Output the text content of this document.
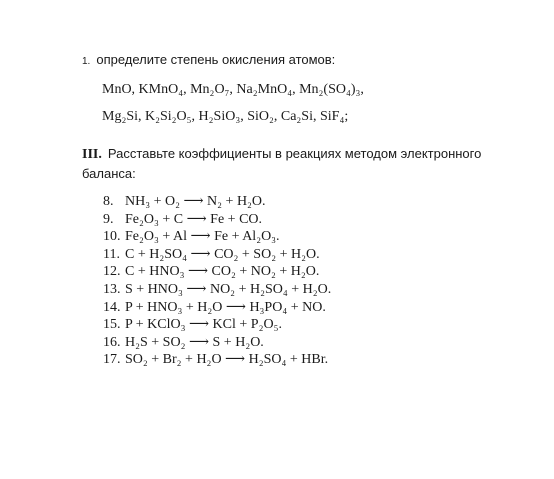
1. определите степень окисления атомов:
MnO, KMnO₄, Mn₂O₇, Na₂MnO₄, Mn₂(SO₄)₃,
Mg₂Si, K₂Si₂O₅, H₂SiO₃, SiO₂, Ca₂Si, SiF₄;
III. Расставьте коэффициенты в реакциях методом электронного баланса:
8. NH₃ + O₂ ⟶ N₂ + H₂O.
9. Fe₂O₃ + C ⟶ Fe + CO.
10. Fe₂O₃ + Al ⟶ Fe + Al₂O₃.
11. C + H₂SO₄ ⟶ CO₂ + SO₂ + H₂O.
12. C + HNO₃ ⟶ CO₂ + NO₂ + H₂O.
13. S + HNO₃ ⟶ NO₂ + H₂SO₄ + H₂O.
14. P + HNO₃ + H₂O ⟶ H₃PO₄ + NO.
15. P + KClO₃ ⟶ KCl + P₂O₅.
16. H₂S + SO₂ ⟶ S + H₂O.
17. SO₂ + Br₂ + H₂O ⟶ H₂SO₄ + HBr.
